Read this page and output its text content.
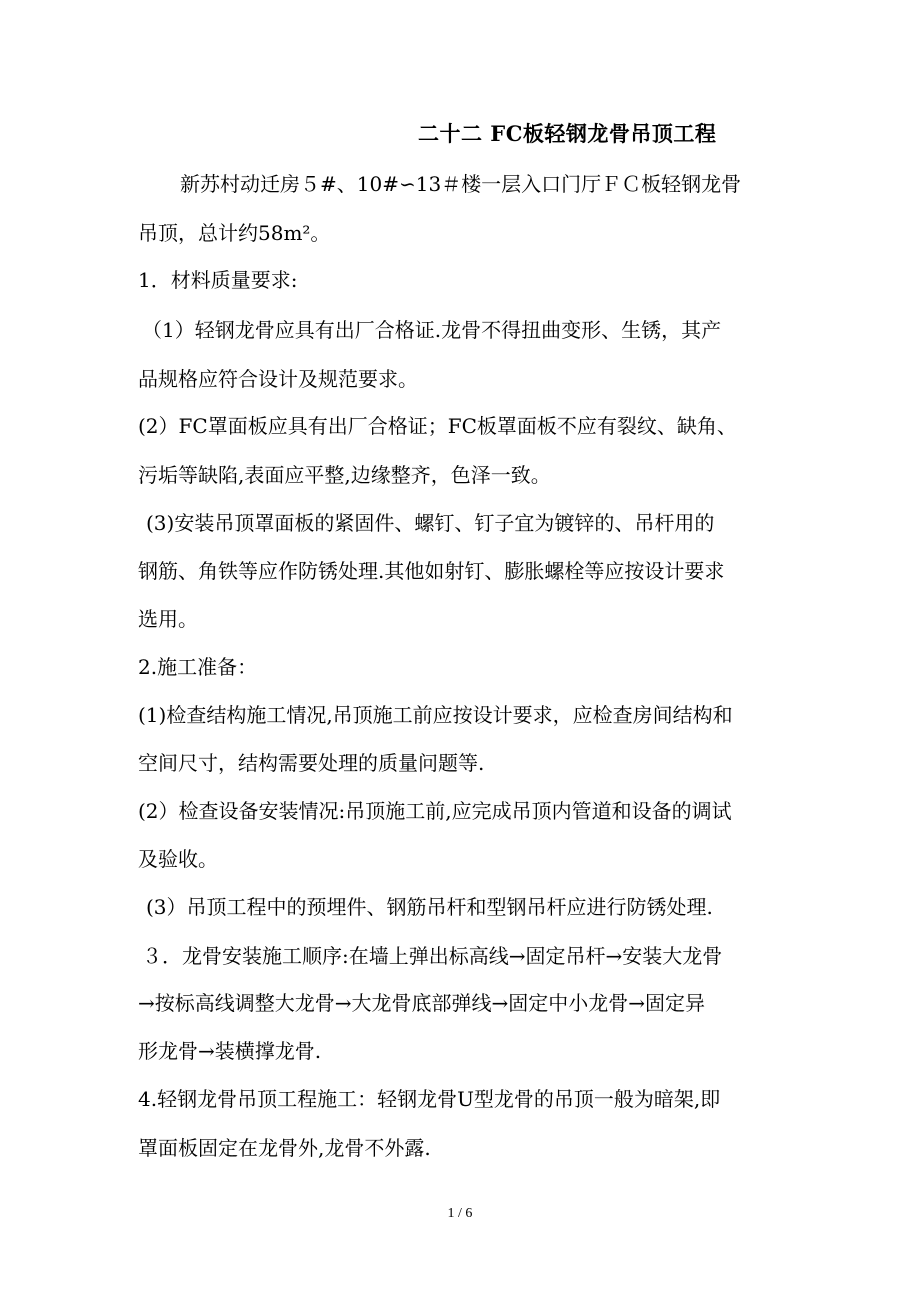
二十二 FC板轻钢龙骨吊顶工程
新苏村动迁房５#、10#∽13＃楼一层入口门厅ＦＣ板轻钢龙骨
吊顶，总计约58m²。
1．材料质量要求:
（1）轻钢龙骨应具有出厂合格证.龙骨不得扭曲变形、生锈，其产
品规格应符合设计及规范要求。
(2）FC罩面板应具有出厂合格证；FC板罩面板不应有裂纹、缺角、
污垢等缺陷,表面应平整,边缘整齐，色泽一致。
(3)安装吊顶罩面板的紧固件、螺钉、钉子宜为镀锌的、吊杆用的
钢筋、角铁等应作防锈处理.其他如射钉、膨胀螺栓等应按设计要求
选用。
2.施工准备：
(1)检查结构施工情况,吊顶施工前应按设计要求，应检查房间结构和
空间尺寸，结构需要处理的质量问题等.
(2）检查设备安装情况:吊顶施工前,应完成吊顶内管道和设备的调试
及验收。
(3）吊顶工程中的预埋件、钢筋吊杆和型钢吊杆应进行防锈处理.
３．龙骨安装施工顺序:在墙上弹出标高线→固定吊杆→安装大龙骨
→按标高线调整大龙骨→大龙骨底部弹线→固定中小龙骨→固定异
形龙骨→装横撑龙骨.
4.轻钢龙骨吊顶工程施工：轻钢龙骨U型龙骨的吊顶一般为暗架,即
罩面板固定在龙骨外,龙骨不外露.
1 / 6
